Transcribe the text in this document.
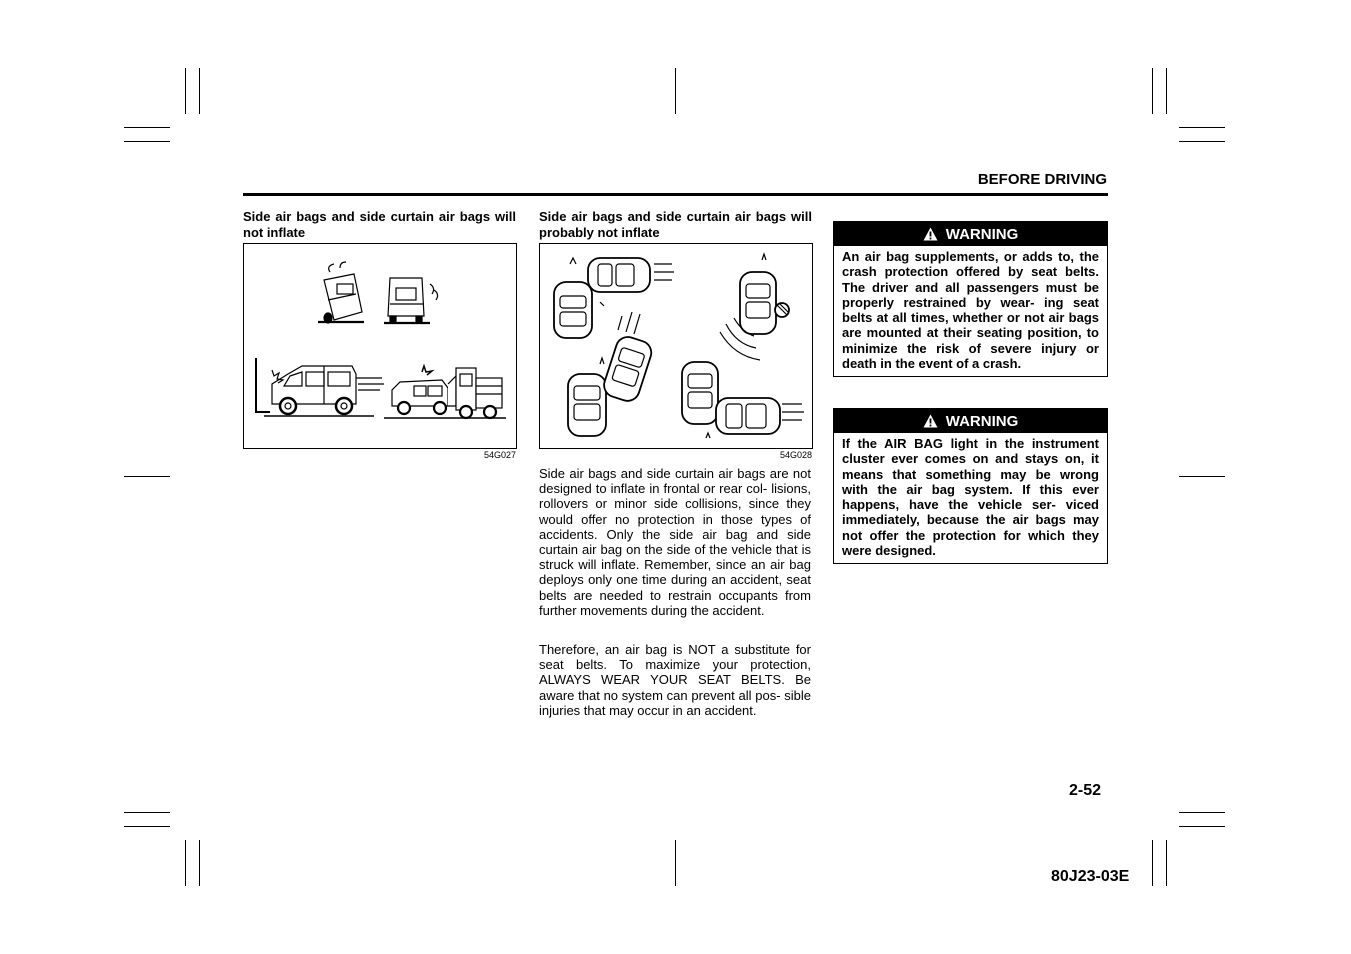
BEFORE DRIVING
Side air bags and side curtain air bags will not inflate
54G027
Side air bags and side curtain air bags will probably not inflate
54G028

Side air bags and side curtain air bags are not designed to inflate in frontal or rear col- lisions, rollovers or minor side collisions, since they would offer no protection in those types of accidents. Only the side air bag and side curtain air bag on the side of the vehicle that is struck will inflate. Remember, since an air bag deploys only one time during an accident, seat belts are needed to restrain occupants from further movements during the accident.

Therefore, an air bag is NOT a substitute for seat belts. To maximize your protection, ALWAYS WEAR YOUR SEAT BELTS. Be aware that no system can prevent all pos- sible injuries that may occur in an accident.

WARNING

An air bag supplements, or adds to, the crash protection offered by seat belts. The driver and all passengers must be properly restrained by wear- ing seat belts at all times, whether or not air bags are mounted at their seating position, to minimize the risk of severe injury or death in the event of a crash.

WARNING

If the AIR BAG light in the instrument cluster ever comes on and stays on, it means that something may be wrong with the air bag system. If this ever happens, have the vehicle ser- viced immediately, because the air bags may not offer the protection for which they were designed.

2-52
80J23-03E
